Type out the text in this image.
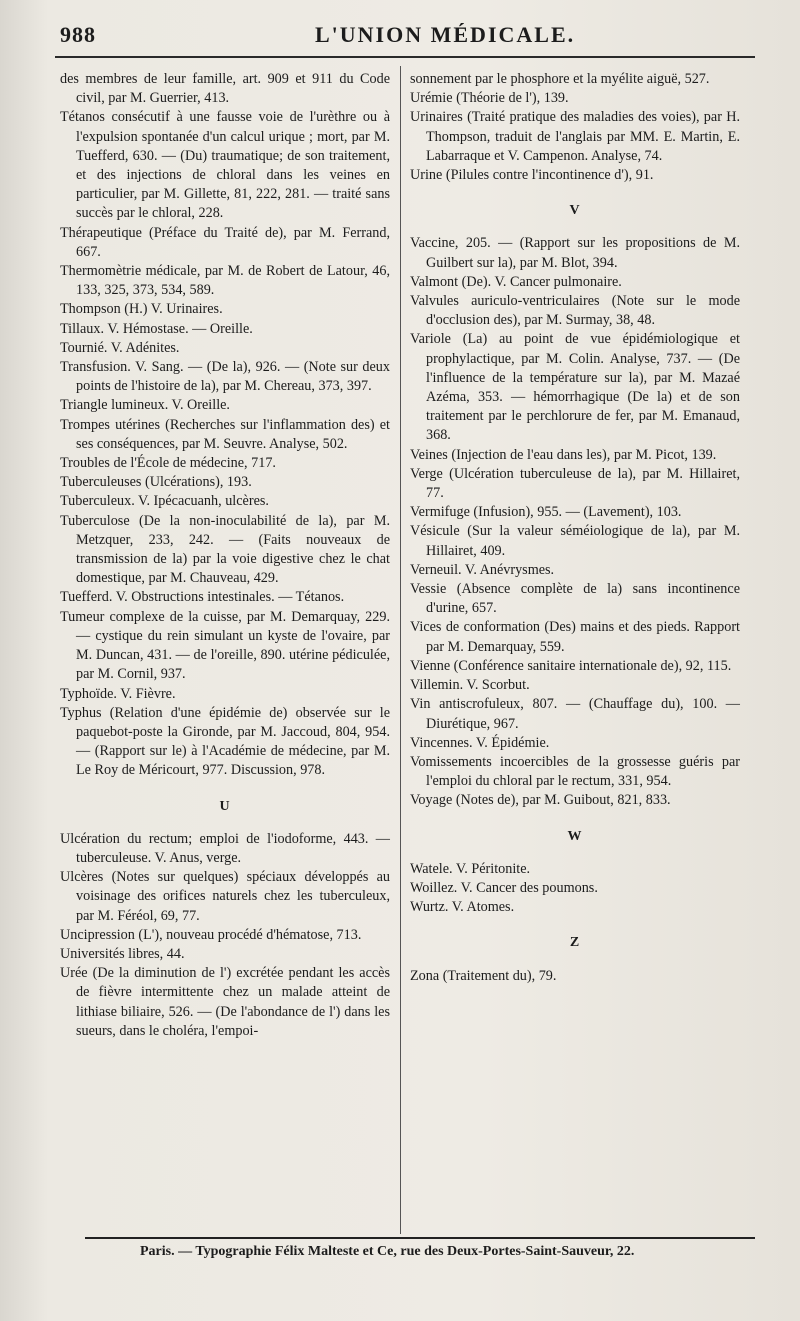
988	L'UNION MÉDICALE.

des membres de leur famille, art. 909 et 911 du Code civil, par M. Guerrier, 413.

Tétanos consécutif à une fausse voie de l'urèthre ou à l'expulsion spontanée d'un calcul urique ; mort, par M. Tuefferd, 630. — (Du) traumatique; de son traitement, et des injections de chloral dans les veines en particulier, par M. Gillette, 81, 222, 281. — traité sans succès par le chloral, 228.

Thérapeutique (Préface du Traité de), par M. Ferrand, 667.

Thermomètrie médicale, par M. de Robert de Latour, 46, 133, 325, 373, 534, 589.

Thompson (H.) V. Urinaires.

Tillaux. V. Hémostase. — Oreille.

Tournié. V. Adénites.

Transfusion. V. Sang. — (De la), 926. — (Note sur deux points de l'histoire de la), par M. Chereau, 373, 397.

Triangle lumineux. V. Oreille.

Trompes utérines (Recherches sur l'inflammation des) et ses conséquences, par M. Seuvre. Analyse, 502.

Troubles de l'École de médecine, 717.

Tuberculeuses (Ulcérations), 193.

Tuberculeux. V. Ipécacuanh, ulcères.

Tuberculose (De la non-inoculabilité de la), par M. Metzquer, 233, 242. — (Faits nouveaux de transmission de la) par la voie digestive chez le chat domestique, par M. Chauveau, 429.

Tuefferd. V. Obstructions intestinales. — Tétanos.

Tumeur complexe de la cuisse, par M. Demarquay, 229. — cystique du rein simulant un kyste de l'ovaire, par M. Duncan, 431. — de l'oreille, 890. utérine pédiculée, par M. Cornil, 937.

Typhoïde. V. Fièvre.

Typhus (Relation d'une épidémie de) observée sur le paquebot-poste la Gironde, par M. Jaccoud, 804, 954. — (Rapport sur le) à l'Académie de médecine, par M. Le Roy de Méricourt, 977. Discussion, 978.

U

Ulcération du rectum; emploi de l'iodoforme, 443. — tuberculeuse. V. Anus, verge.

Ulcères (Notes sur quelques) spéciaux développés au voisinage des orifices naturels chez les tuberculeux, par M. Féréol, 69, 77.

Uncipression (L'), nouveau procédé d'hématose, 713.

Universités libres, 44.

Urée (De la diminution de l') excrétée pendant les accès de fièvre intermittente chez un malade atteint de lithiase biliaire, 526. — (De l'abondance de l') dans les sueurs, dans le choléra, l'empoi-

sonnement par le phosphore et la myélite aiguë, 527.

Urémie (Théorie de l'), 139.

Urinaires (Traité pratique des maladies des voies), par H. Thompson, traduit de l'anglais par MM. E. Martin, E. Labarraque et V. Campenon. Analyse, 74.

Urine (Pilules contre l'incontinence d'), 91.

V

Vaccine, 205. — (Rapport sur les propositions de M. Guilbert sur la), par M. Blot, 394.

Valmont (De). V. Cancer pulmonaire.

Valvules auriculo-ventriculaires (Note sur le mode d'occlusion des), par M. Surmay, 38, 48.

Variole (La) au point de vue épidémiologique et prophylactique, par M. Colin. Analyse, 737. — (De l'influence de la température sur la), par M. Mazaé Azéma, 353. — hémorrhagique (De la) et de son traitement par le perchlorure de fer, par M. Emanaud, 368.

Veines (Injection de l'eau dans les), par M. Picot, 139.

Verge (Ulcération tuberculeuse de la), par M. Hillairet, 77.

Vermifuge (Infusion), 955. — (Lavement), 103.

Vésicule (Sur la valeur séméiologique de la), par M. Hillairet, 409.

Verneuil. V. Anévrysmes.

Vessie (Absence complète de la) sans incontinence d'urine, 657.

Vices de conformation (Des) mains et des pieds. Rapport par M. Demarquay, 559.

Vienne (Conférence sanitaire internationale de), 92, 115.

Villemin. V. Scorbut.

Vin antiscrofuleux, 807. — (Chauffage du), 100. — Diurétique, 967.

Vincennes. V. Épidémie.

Vomissements incoercibles de la grossesse guéris par l'emploi du chloral par le rectum, 331, 954.

Voyage (Notes de), par M. Guibout, 821, 833.

W

Watele. V. Péritonite.

Woillez. V. Cancer des poumons.

Wurtz. V. Atomes.

Z

Zona (Traitement du), 79.

Paris. — Typographie Félix Malteste et Ce, rue des Deux-Portes-Saint-Sauveur, 22.
